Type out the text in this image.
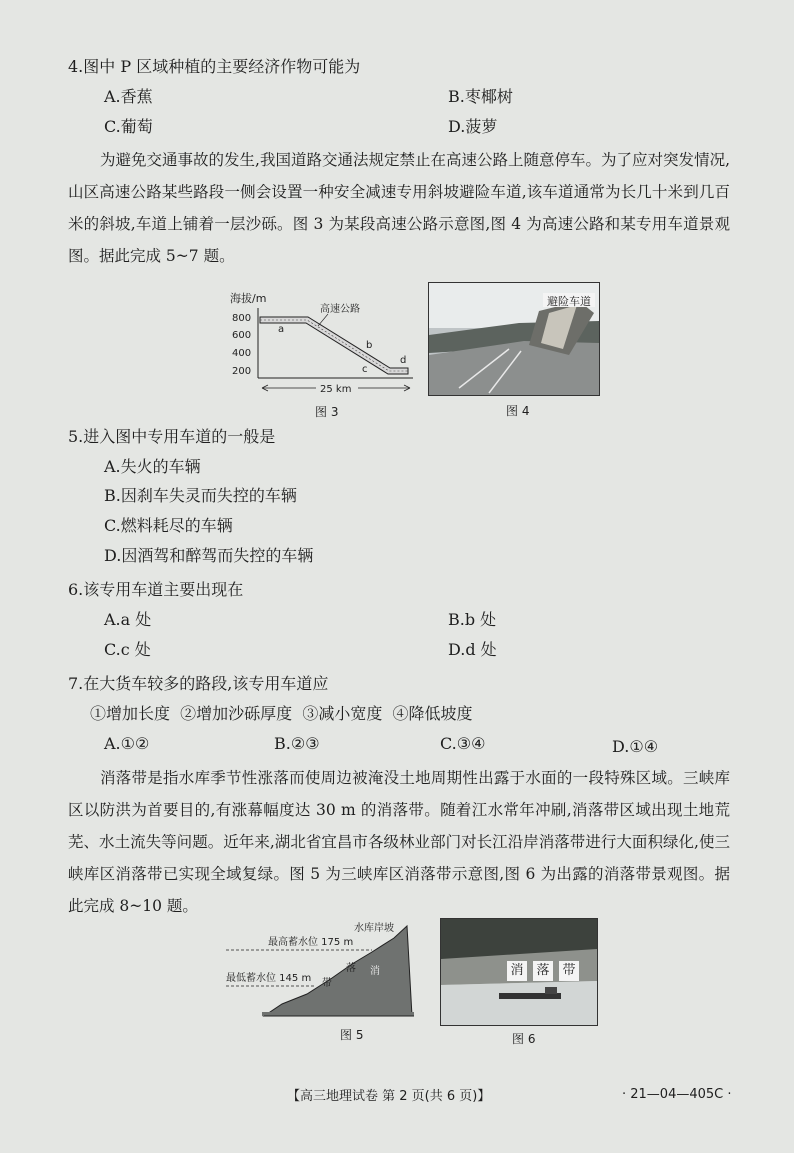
4.图中 P 区域种植的主要经济作物可能为
A.香蕉	B.枣椰树
C.葡萄	D.菠萝
为避免交通事故的发生,我国道路交通法规定禁止在高速公路上随意停车。为了应对突发情况,山区高速公路某些路段一侧会设置一种安全减速专用斜坡避险车道,该车道通常为长几十米到几百米的斜坡,车道上铺着一层沙砾。图 3 为某段高速公路示意图,图 4 为高速公路和某专用车道景观图。据此完成 5~7 题。
海拔/m
800
600
400
200
高速公路
a
b
c
d
25 km
图 3
避险车道
图 4
5.进入图中专用车道的一般是
A.失火的车辆
B.因刹车失灵而失控的车辆
C.燃料耗尽的车辆
D.因酒驾和醉驾而失控的车辆
6.该专用车道主要出现在
A.a 处	B.b 处
C.c 处	D.d 处
7.在大货车较多的路段,该专用车道应
①增加长度  ②增加沙砾厚度  ③减小宽度  ④降低坡度
A.①②	B.②③	C.③④	D.①④
消落带是指水库季节性涨落而使周边被淹没土地周期性出露于水面的一段特殊区域。三峡库区以防洪为首要目的,有涨幕幅度达 30 m 的消落带。随着江水常年冲刷,消落带区域出现土地荒芜、水土流失等问题。近年来,湖北省宜昌市各级林业部门对长江沿岸消落带进行大面积绿化,使三峡库区消落带已实现全域复绿。图 5 为三峡库区消落带示意图,图 6 为出露的消落带景观图。据此完成 8~10 题。
最高蓄水位 175 m
最低蓄水位 145 m
水库岸坡
消
落
带
图 5
消 落 带
图 6
【高三地理试卷 第 2 页(共 6 页)】	· 21—04—405C ·
